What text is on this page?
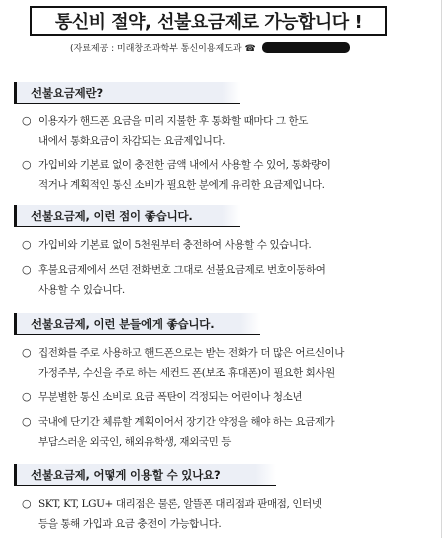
통신비 절약, 선불요금제로 가능합니다 !
(자료제공 : 미래창조과학부 통신이용제도과 ☎
선불요금제란?
○ 이용자가 핸드폰 요금을 미리 지불한 후 통화할 때마다 그 한도
내에서 통화요금이 차감되는 요금제입니다.
○ 가입비와 기본료 없이 충전한 금액 내에서 사용할 수 있어, 통화량이
적거나 계획적인 통신 소비가 필요한 분에게 유리한 요금제입니다.
선불요금제, 이런 점이 좋습니다.
○ 가입비와 기본료 없이 5천원부터 충전하여 사용할 수 있습니다.
○ 후불요금제에서 쓰던 전화번호 그대로 선불요금제로 번호이동하여
사용할 수 있습니다.
선불요금제, 이런 분들에게 좋습니다.
○ 집전화를 주로 사용하고 핸드폰으로는 받는 전화가 더 많은 어르신이나
가정주부, 수신을 주로 하는 세컨드 폰(보조 휴대폰)이 필요한 회사원
○ 무분별한 통신 소비로 요금 폭탄이 걱정되는 어린이나 청소년
○ 국내에 단기간 체류할 계획이어서 장기간 약정을 해야 하는 요금제가
부담스러운 외국인, 해외유학생, 재외국민 등
선불요금제, 어떻게 이용할 수 있나요?
○ SKT, KT, LGU+ 대리점은 물론, 알뜰폰 대리점과 판매점, 인터넷
등을 통해 가입과 요금 충전이 가능합니다.
